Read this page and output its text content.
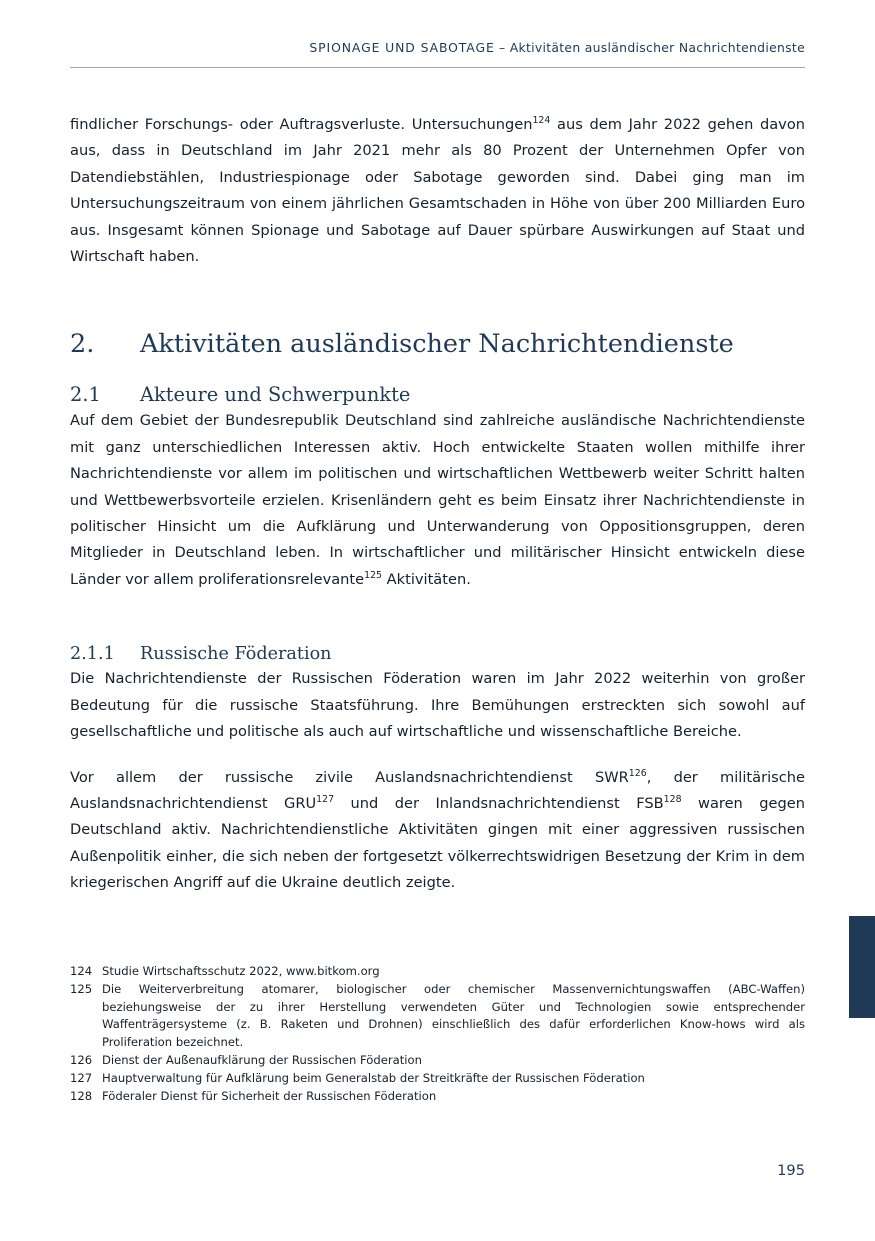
SPIONAGE UND SABOTAGE – Aktivitäten ausländischer Nachrichtendienste

findlicher Forschungs- oder Auftragsverluste. Untersuchungen$^{124}$ aus dem Jahr 2022 gehen davon aus, dass in Deutschland im Jahr 2021 mehr als 80 Prozent der Unternehmen Opfer von Datendiebstählen, Industriespionage oder Sabotage geworden sind. Dabei ging man im Untersuchungszeitraum von einem jährlichen Gesamtschaden in Höhe von über 200 Milliarden Euro aus. Insgesamt können Spionage und Sabotage auf Dauer spürbare Auswirkungen auf Staat und Wirtschaft haben.

2.	Aktivitäten ausländischer Nachrichtendienste
2.1	Akteure und Schwerpunkte

Auf dem Gebiet der Bundesrepublik Deutschland sind zahlreiche ausländische Nachrichtendienste mit ganz unterschiedlichen Interessen aktiv. Hoch entwickelte Staaten wollen mithilfe ihrer Nachrichtendienste vor allem im politischen und wirtschaftlichen Wettbewerb weiter Schritt halten und Wettbewerbsvorteile erzielen. Krisenländern geht es beim Einsatz ihrer Nachrichtendienste in politischer Hinsicht um die Aufklärung und Unterwanderung von Oppositionsgruppen, deren Mitglieder in Deutschland leben. In wirtschaftlicher und militärischer Hinsicht entwickeln diese Länder vor allem proliferationsrelevante$^{125}$ Aktivitäten.

2.1.1	Russische Föderation

Die Nachrichtendienste der Russischen Föderation waren im Jahr 2022 weiterhin von großer Bedeutung für die russische Staatsführung. Ihre Bemühungen erstreckten sich sowohl auf gesellschaftliche und politische als auch auf wirtschaftliche und wissenschaftliche Bereiche.

Vor allem der russische zivile Auslandsnachrichtendienst SWR$^{126}$, der militärische Auslandsnachrichtendienst GRU$^{127}$ und der Inlandsnachrichtendienst FSB$^{128}$ waren gegen Deutschland aktiv. Nachrichtendienstliche Aktivitäten gingen mit einer aggressiven russischen Außenpolitik einher, die sich neben der fortgesetzt völkerrechtswidrigen Besetzung der Krim in dem kriegerischen Angriff auf die Ukraine deutlich zeigte.

124 Studie Wirtschaftsschutz 2022, www.bitkom.org
125 Die Weiterverbreitung atomarer, biologischer oder chemischer Massenvernichtungswaffen (ABC-Waffen) beziehungsweise der zu ihrer Herstellung verwendeten Güter und Technologien sowie entsprechender Waffenträgersysteme (z. B. Raketen und Drohnen) einschließlich des dafür erforderlichen Know-hows wird als Proliferation bezeichnet.
126 Dienst der Außenaufklärung der Russischen Föderation
127 Hauptverwaltung für Aufklärung beim Generalstab der Streitkräfte der Russischen Föderation
128 Föderaler Dienst für Sicherheit der Russischen Föderation
195
